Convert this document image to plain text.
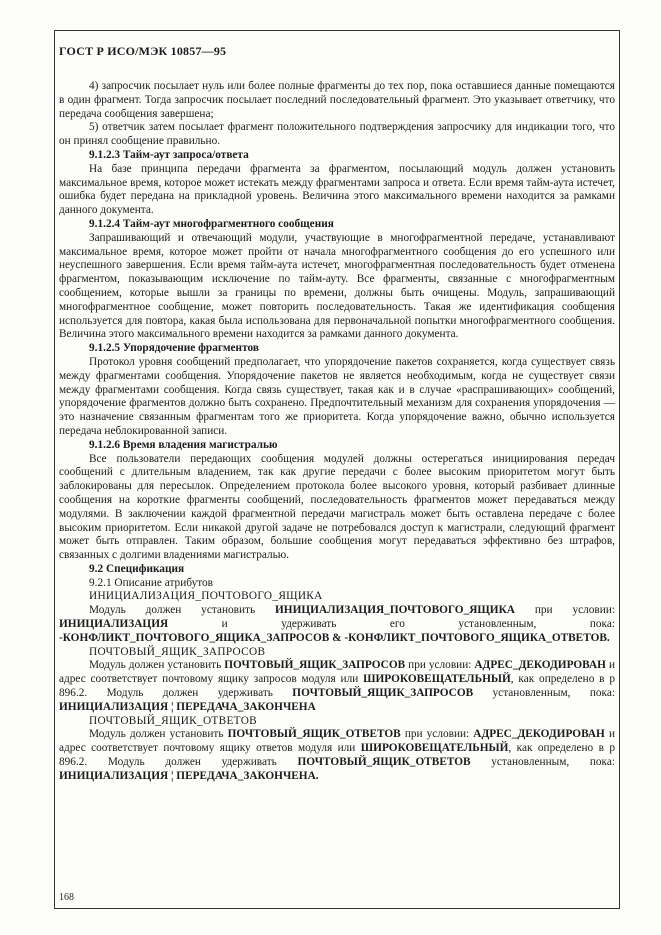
ГОСТ Р ИСО/МЭК 10857—95

4) запросчик посылает нуль или более полные фрагменты до тех пор, пока оставшиеся данные помещаются в один фрагмент. Тогда запросчик посылает последний последовательный фрагмент. Это указывает ответчику, что передача сообщения завершена;

5) ответчик затем посылает фрагмент положительного подтверждения запросчику для индикации того, что он принял сообщение правильно.

9.1.2.3 Тайм-аут запроса/ответа

На базе принципа передачи фрагмента за фрагментом, посылающий модуль должен установить максимальное время, которое может истекать между фрагментами запроса и ответа. Если время тайм-аута истечет, ошибка будет передана на прикладной уровень. Величина этого максимального времени находится за рамками данного документа.

9.1.2.4 Тайм-аут многофрагментного сообщения

Запрашивающий и отвечающий модули, участвующие в многофрагментной передаче, устанавливают максимальное время, которое может пройти от начала многофрагментного сообщения до его успешного или неуспешного завершения. Если время тайм-аута истечет, многофрагментная последовательность будет отменена фрагментом, показывающим исключение по тайм-ауту. Все фрагменты, связанные с многофрагментным сообщением, которые вышли за границы по времени, должны быть очищены. Модуль, запрашивающий многофрагментное сообщение, может повторить последовательность. Такая же идентификация сообщения используется для повтора, какая была использована для первоначальной попытки многофрагментного сообщения. Величина этого максимального времени находится за рамками данного документа.

9.1.2.5 Упорядочение фрагментов

Протокол уровня сообщений предполагает, что упорядочение пакетов сохраняется, когда существует связь между фрагментами сообщения. Упорядочение пакетов не является необходимым, когда не существует связи между фрагментами сообщения. Когда связь существует, такая как и в случае «распрашивающих» сообщений, упорядочение фрагментов должно быть сохранено. Предпочтительный механизм для сохранения упорядочения — это назначение связанным фрагментам того же приоритета. Когда упорядочение важно, обычно используется передача неблокированной записи.

9.1.2.6 Время владения магистралью

Все пользователи передающих сообщения модулей должны остерегаться инициирования передач сообщений с длительным владением, так как другие передачи с более высоким приоритетом могут быть заблокированы для пересылок. Определением протокола более высокого уровня, который разбивает длинные сообщения на короткие фрагменты сообщений, последовательность фрагментов может передаваться между модулями. В заключении каждой фрагментной передачи магистраль может быть оставлена передаче с более высоким приоритетом. Если никакой другой задаче не потребовался доступ к магистрали, следующий фрагмент может быть отправлен. Таким образом, большие сообщения могут передаваться эффективно без штрафов, связанных с долгими владениями магистралью.

9.2 Спецификация

9.2.1 Описание атрибутов

ИНИЦИАЛИЗАЦИЯ_ПОЧТОВОГО_ЯЩИКА

Модуль должен установить ИНИЦИАЛИЗАЦИЯ_ПОЧТОВОГО_ЯЩИКА при условии: ИНИЦИАЛИЗАЦИЯ и удерживать его установленным, пока: -КОНФЛИКТ_ПОЧТОВОГО_ЯЩИКА_ЗАПРОСОВ & -КОНФЛИКТ_ПОЧТОВОГО_ЯЩИКА_ОТВЕТОВ.

ПОЧТОВЫЙ_ЯЩИК_ЗАПРОСОВ

Модуль должен установить ПОЧТОВЫЙ_ЯЩИК_ЗАПРОСОВ при условии: АДРЕС_ДЕКОДИРОВАН и адрес соответствует почтовому ящику запросов модуля или ШИРОКОВЕЩАТЕЛЬНЫЙ, как определено в р 896.2. Модуль должен удерживать ПОЧТОВЫЙ_ЯЩИК_ЗАПРОСОВ установленным, пока: ИНИЦИАЛИЗАЦИЯ ¦ ПЕРЕДАЧА_ЗАКОНЧЕНА

ПОЧТОВЫЙ_ЯЩИК_ОТВЕТОВ

Модуль должен установить ПОЧТОВЫЙ_ЯЩИК_ОТВЕТОВ при условии: АДРЕС_ДЕКОДИРОВАН и адрес соответствует почтовому ящику ответов модуля или ШИРОКОВЕЩАТЕЛЬНЫЙ, как определено в р 896.2. Модуль должен удерживать ПОЧТОВЫЙ_ЯЩИК_ОТВЕТОВ установленным, пока: ИНИЦИАЛИЗАЦИЯ ¦ ПЕРЕДАЧА_ЗАКОНЧЕНА.

168
